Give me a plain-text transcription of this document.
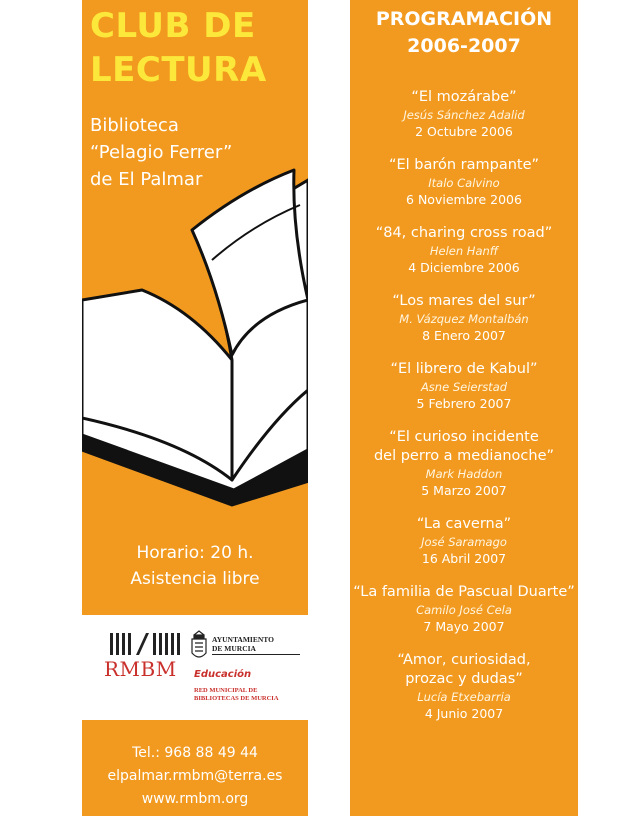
CLUB DE
LECTURA
Biblioteca
“Pelagio Ferrer”
de El Palmar
Horario: 20 h.
Asistencia libre
RMBM
AYUNTAMIENTO
DE MURCIA
Educación
RED MUNICIPAL DE
BIBLIOTECAS DE MURCIA
Tel.: 968 88 49 44
elpalmar.rmbm@terra.es
www.rmbm.org
PROGRAMACIÓN
2006-2007
“El mozárabe”
Jesús Sánchez Adalid
2 Octubre 2006
“El barón rampante”
Italo Calvino
6 Noviembre 2006
“84, charing cross road”
Helen Hanff
4 Diciembre 2006
“Los mares del sur”
M. Vázquez Montalbán
8 Enero 2007
“El librero de Kabul”
Asne Seierstad
5 Febrero 2007
“El curioso incidente
del perro a medianoche”
Mark Haddon
5 Marzo 2007
“La caverna”
José Saramago
16 Abril 2007
“La familia de Pascual Duarte”
Camilo José Cela
7 Mayo 2007
“Amor, curiosidad,
prozac y dudas”
Lucía Etxebarria
4 Junio 2007
